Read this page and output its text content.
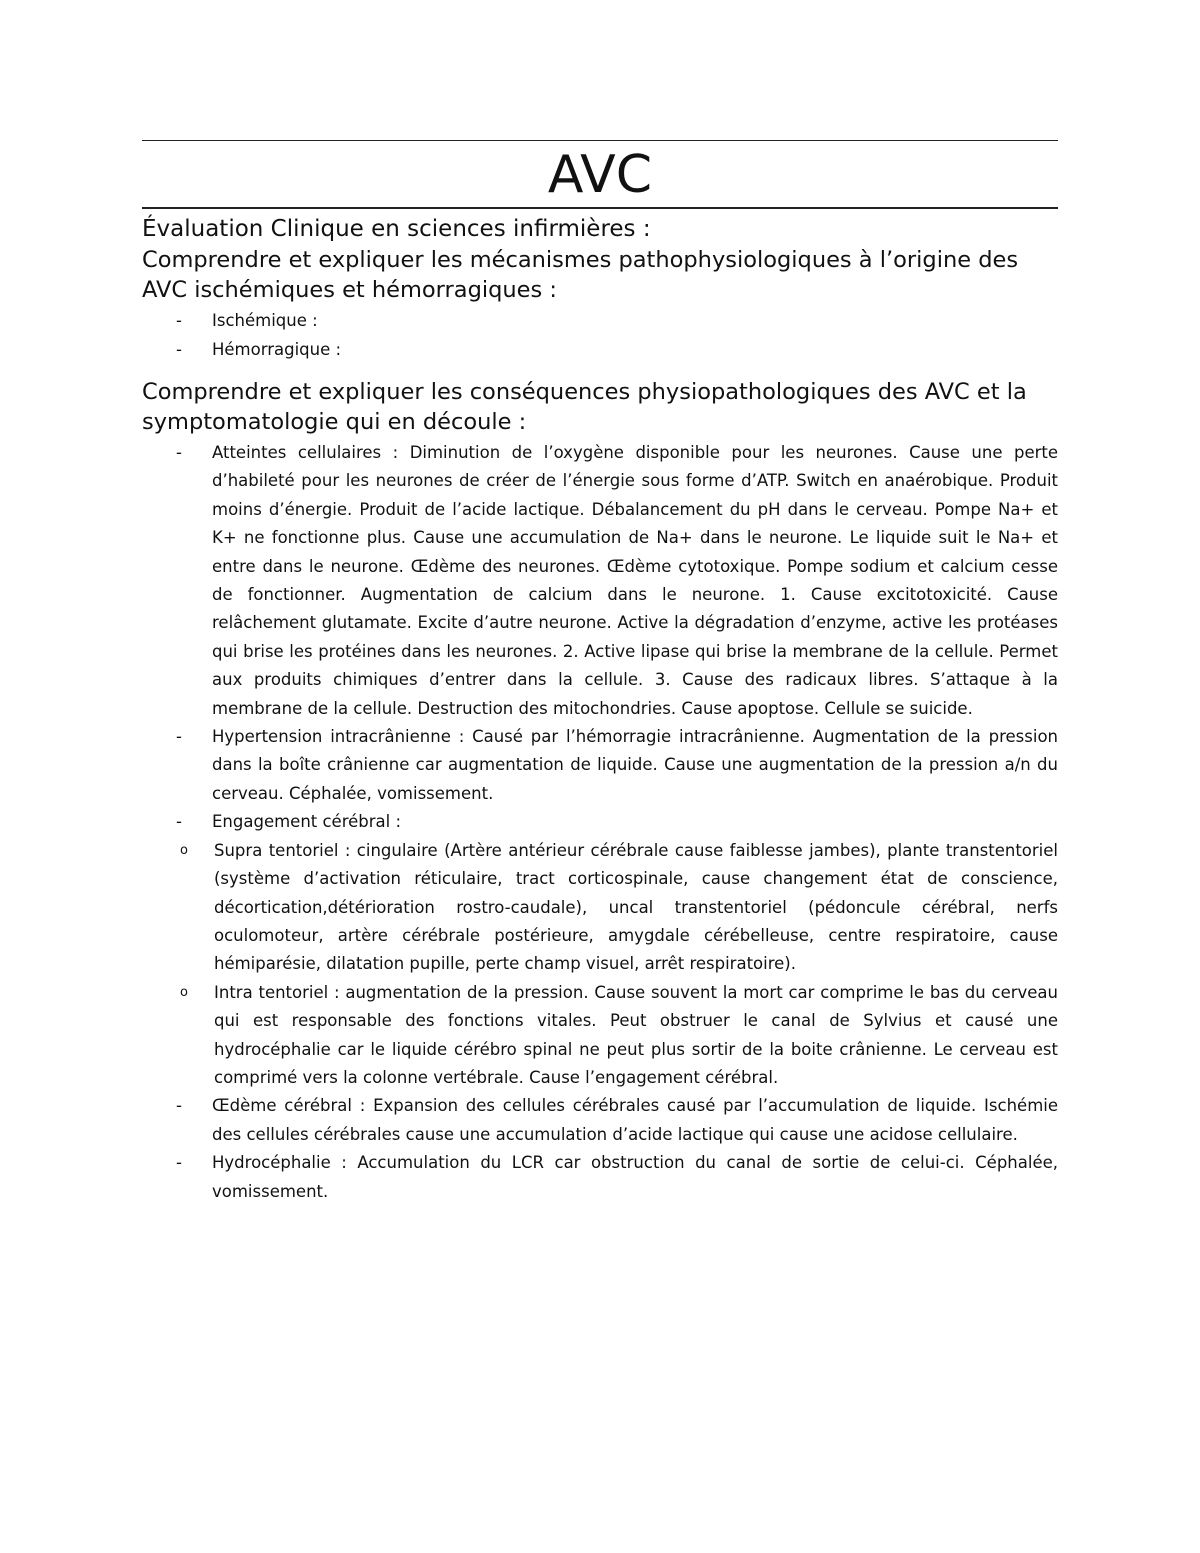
AVC
Évaluation Clinique en sciences infirmières :
Comprendre et expliquer les mécanismes pathophysiologiques à l’origine des AVC ischémiques et hémorragiques :
- Ischémique :
- Hémorragique :
Comprendre et expliquer les conséquences physiopathologiques des AVC et la symptomatologie qui en découle :
- Atteintes cellulaires : Diminution de l’oxygène disponible pour les neurones. Cause une perte d’habileté pour les neurones de créer de l’énergie sous forme d’ATP. Switch en anaérobique. Produit moins d’énergie. Produit de l’acide lactique. Débalancement du pH dans le cerveau. Pompe Na+ et K+ ne fonctionne plus. Cause une accumulation de Na+ dans le neurone. Le liquide suit le Na+ et entre dans le neurone. Œdème des neurones. Œdème cytotoxique. Pompe sodium et calcium cesse de fonctionner. Augmentation de calcium dans le neurone. 1. Cause excitotoxicité. Cause relâchement glutamate. Excite d’autre neurone. Active la dégradation d’enzyme, active les protéases qui brise les protéines dans les neurones. 2. Active lipase qui brise la membrane de la cellule. Permet aux produits chimiques d’entrer dans la cellule. 3. Cause des radicaux libres. S’attaque à la membrane de la cellule. Destruction des mitochondries. Cause apoptose. Cellule se suicide.
- Hypertension intracrânienne : Causé par l’hémorragie intracrânienne. Augmentation de la pression dans la boîte crânienne car augmentation de liquide. Cause une augmentation de la pression a/n du cerveau. Céphalée, vomissement.
- Engagement cérébral :
o Supra tentoriel : cingulaire (Artère antérieur cérébrale cause faiblesse jambes), plante transtentoriel (système d’activation réticulaire, tract corticospinale, cause changement état de conscience, décortication,détérioration rostro-caudale), uncal transtentoriel (pédoncule cérébral, nerfs oculomoteur, artère cérébrale postérieure, amygdale cérébelleuse, centre respiratoire, cause hémiparésie, dilatation pupille, perte champ visuel, arrêt respiratoire).
o Intra tentoriel : augmentation de la pression. Cause souvent la mort car comprime le bas du cerveau qui est responsable des fonctions vitales. Peut obstruer le canal de Sylvius et causé une hydrocéphalie car le liquide cérébro spinal ne peut plus sortir de la boite crânienne. Le cerveau est comprimé vers la colonne vertébrale. Cause l’engagement cérébral.
- Œdème cérébral : Expansion des cellules cérébrales causé par l’accumulation de liquide. Ischémie des cellules cérébrales cause une accumulation d’acide lactique qui cause une acidose cellulaire.
- Hydrocéphalie : Accumulation du LCR car obstruction du canal de sortie de celui-ci. Céphalée, vomissement.
